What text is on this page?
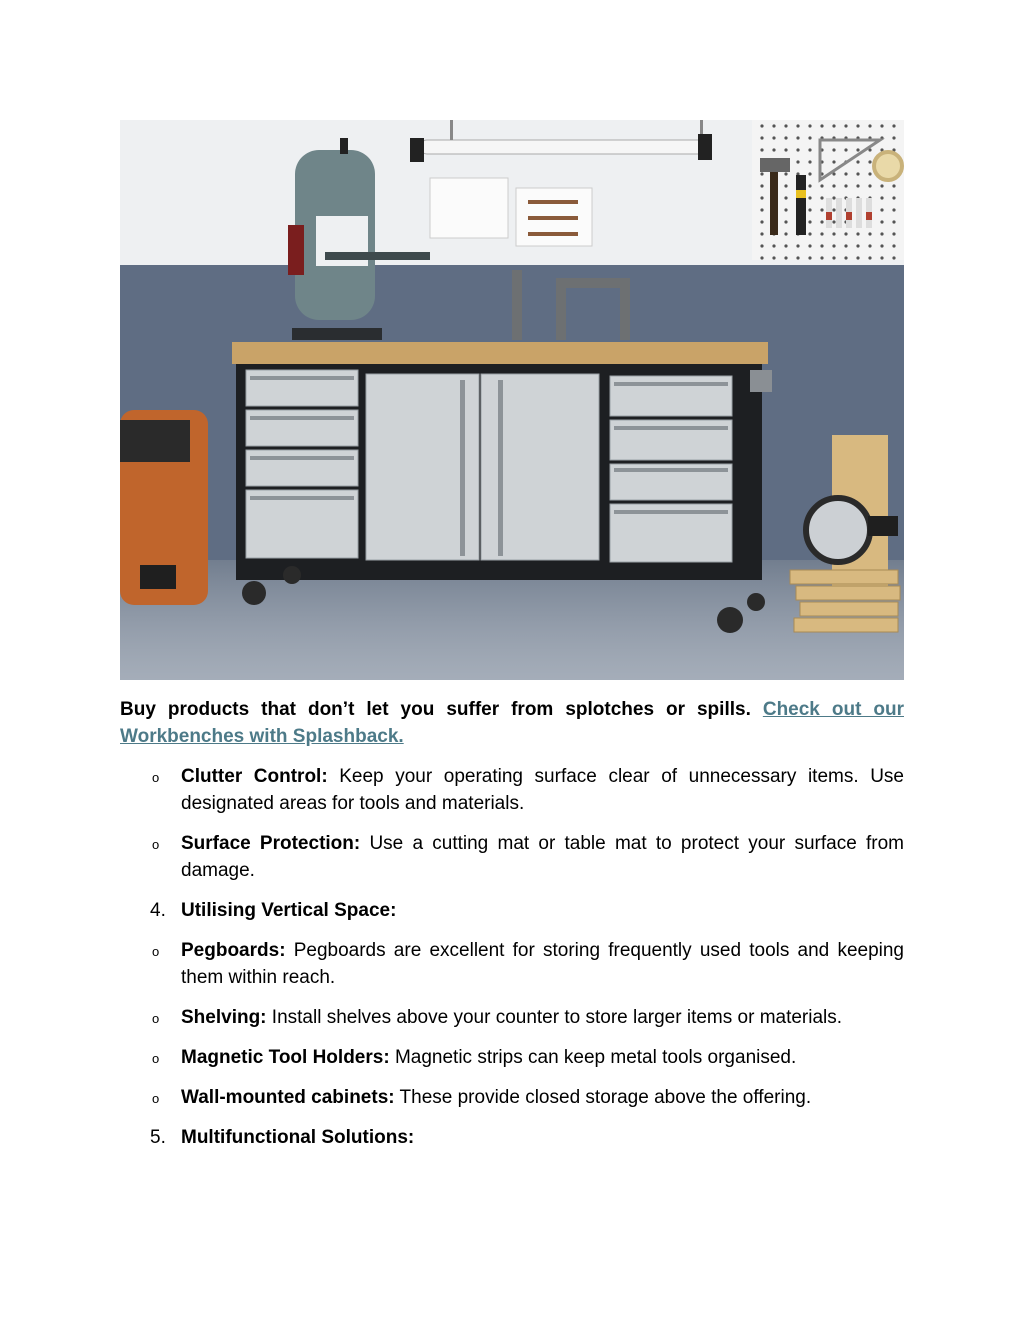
Buy products that don’t let you suffer from splotches or spills. Check out our Workbenches with Splashback.
o	Clutter Control: Keep your operating surface clear of unnecessary items. Use designated areas for tools and materials.
o	Surface Protection: Use a cutting mat or table mat to protect your surface from damage.
4. Utilising Vertical Space:
o	Pegboards: Pegboards are excellent for storing frequently used tools and keeping them within reach.
o	Shelving: Install shelves above your counter to store larger items or materials.
o	Magnetic Tool Holders: Magnetic strips can keep metal tools organised.
o	Wall-mounted cabinets: These provide closed storage above the offering.
5. Multifunctional Solutions:
